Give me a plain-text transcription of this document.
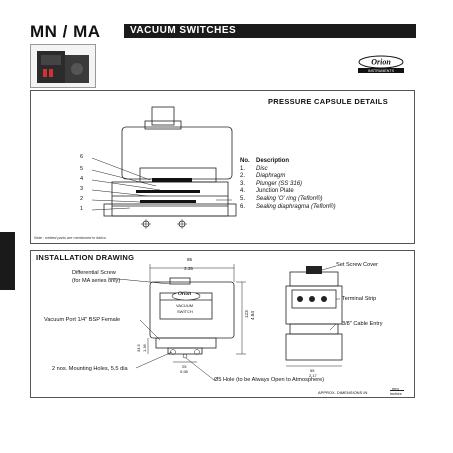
MN / MA	VACUUM SWITCHES
Orion
INSTRUMENTS
PRESSURE CAPSULE DETAILS
6
5
4
3
2
1
No. Description
1. Disc
2. Diaphragm
3. Plunger (SS 316)
4. Junction Plate
5. Sealing 'O' ring (Teflon®)
6. Sealing diaphragma (Teflon®)
Note : wetted parts are mentioned in italics.
INSTALLATION DRAWING
Differential Screw
(for MA series only)
Vacuum Port 1/4" BSP Female
2 nos. Mounting Holes, 5.5 dia
Ø5 Hole (to be Always Open to Atmosphere)
Set Screw Cover
Terminal Strip
3/8" Cable Entry
Orion
VACUUM
SWITCH
85
3.35
123 4.84
34.5 1.36
25
0.98	55
2.17
APPROX. DIMENSIONS IN
mm
inches
